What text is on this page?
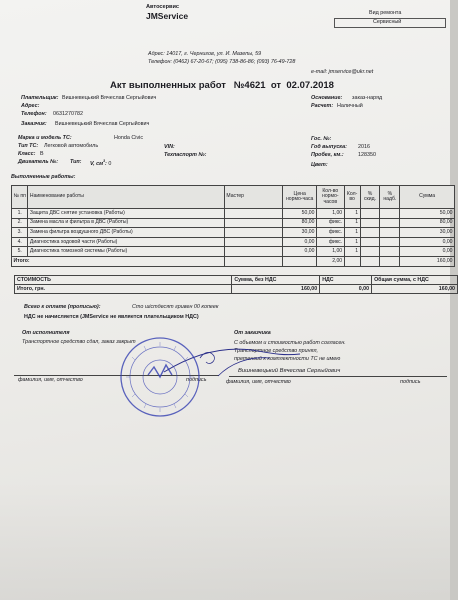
Автосервис
JMService	Вид ремонта
Сервисный
Адрес: 14017, г. Чернигов, ул. И. Мазепы, 59
Телефон: (0462) 67-20-67; (095) 738-86-86; (093) 76-49-728
e-mail: jmservice@ukr.net
Акт выполненных работ №4621 от 02.07.2018
Плательщик: Вишневецький Вячеслав Сергыйович
Адрес:
Телефон: 0631270782
Основание: заказ-наряд
Расчет: Наличный
Заказчик: Вишневецький Вячеслав Сергыйович
Марка и модель ТС:	Honda Civic	Гос. №:
Тип ТС: Легковой автомобиль	VIN:	Год выпуска: 2016
Класс: В	Техпаспорт №:	Пробег, км.:	128350
Двигатель №: Тип: V, $см^3$: 0	Цвет:
Выполненные работы:
№ пп	Наименование работы	Мастер	Цена нормо-часа	Кол-во нормо-часов	Кол-во	% скид.	% надб.	Сумма
1.	Защита ДВС снятие установка (Работы)		50,00	1,00	1			50,00
2.	Замена масла и фильтра в ДВС (Работы)		80,00	фикс.	1			80,00
3.	Замена фильтра воздушного ДВС (Работы)		30,00	фикс.	1			30,00
4.	Диагностика ходовой части (Работы)		0,00	фикс.	1			0,00
5.	Диагностика томозной системы (Работы)		0,00	1,00	1			0,00
Итого:				2,00				160,00
СТОИМОСТЬ	Сумма, без НДС	НДС	Общая сумма, с НДС
Итого, грн.	160,00	0,00	160,00
Всего к оплате (прописью):	Сто шістдесят гривен 00 копеек
НДС не начисляется (JMService не является плательщиком НДС)
От исполнителя
Транспортное средство сдал, заказ закрыт
От заказчика
С объемом и стоимостью работ согласен.
Транспортное средство принял,
претензий к комплектности ТС не имею
Вишневецький Вячеслав Сергыйович
фамилия, имя, отчество	подпись	фамилия, имя, отчество	подпись
